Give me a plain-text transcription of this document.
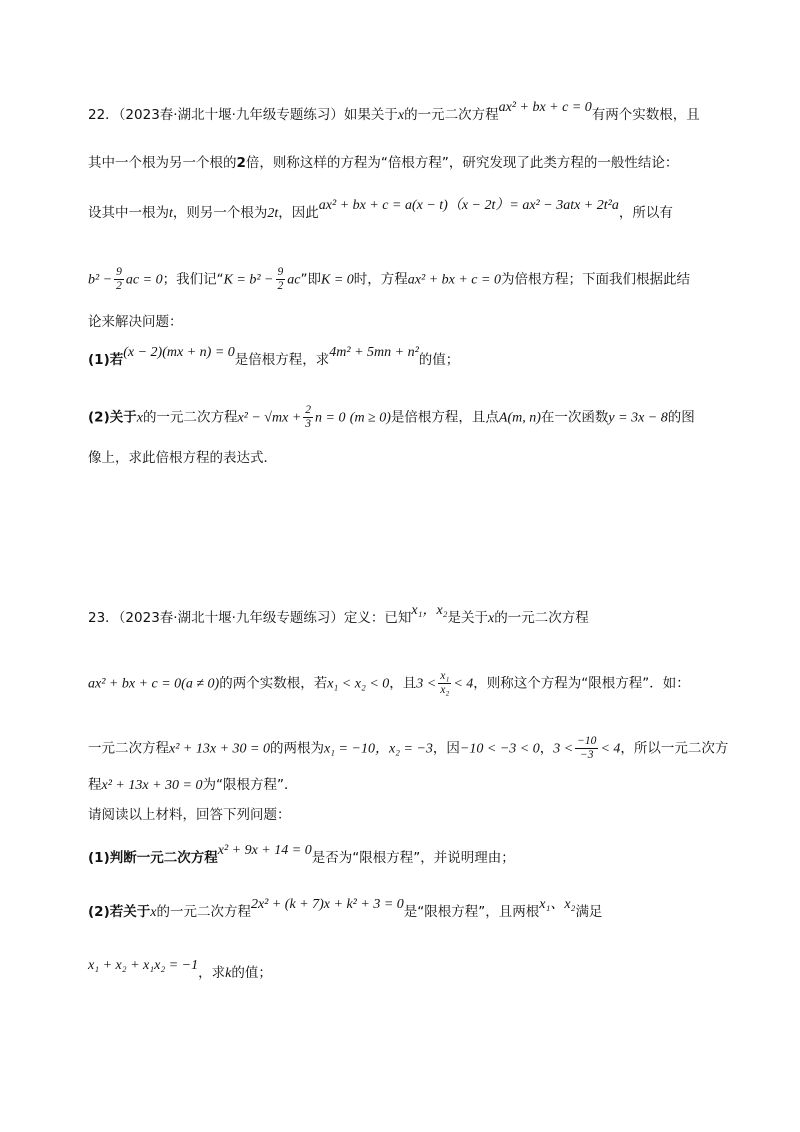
22．（2023春·湖北十堰·九年级专题练习）如果关于x的一元二次方程ax² + bx + c = 0有两个实数根，且
其中一个根为另一个根的2倍，则称这样的方程为“倍根方程”，研究发现了此类方程的一般性结论：
设其中一根为t，则另一个根为2t，因此ax² + bx + c = a(x − t)（x − 2t）= ax² − 3atx + 2t²a，所以有
$b^2 - \frac{9}{2}$ ac = 0；我们记“$K = b^2 - \frac{9}{2}$ ac”即K = 0时，方程ax² + bx + c = 0为倍根方程；下面我们根据此结
论来解决问题：
(1)若(x − 2)(mx + n) = 0是倍根方程，求4m² + 5mn + n²的值；
(2)关于x的一元二次方程$x^2 - √mx + \frac{2}{3}$ n = 0 (m ≥ 0)是倍根方程，且点A(m, n)在一次函数y = 3x − 8的图
像上，求此倍根方程的表达式．
23．（2023春·湖北十堰·九年级专题练习）定义：已知x₁，x₂是关于x的一元二次方程
ax² + bx + c = 0(a ≠ 0)的两个实数根，若x₁ < x₂ < 0，且$3 < \frac{\text{x₁}}{\text{x₂}} < 4$，则称这个方程为“限根方程”．如：
一元二次方程x² + 13x + 30 = 0的两根为x₁ = −10，x₂ = −3，因−10 < −3 < 0，$3 < \frac{-10}{-3} < 4$，所以一元二次方
程x² + 13x + 30 = 0为“限根方程”．
请阅读以上材料，回答下列问题：
(1)判断一元二次方程x² + 9x + 14 = 0是否为“限根方程”，并说明理由；
(2)若关于x的一元二次方程2x² + (k + 7)x + k² + 3 = 0是“限根方程”，且两根x₁、x₂满足
x₁ + x₂ + x₁x₂ = −1，求k的值；
